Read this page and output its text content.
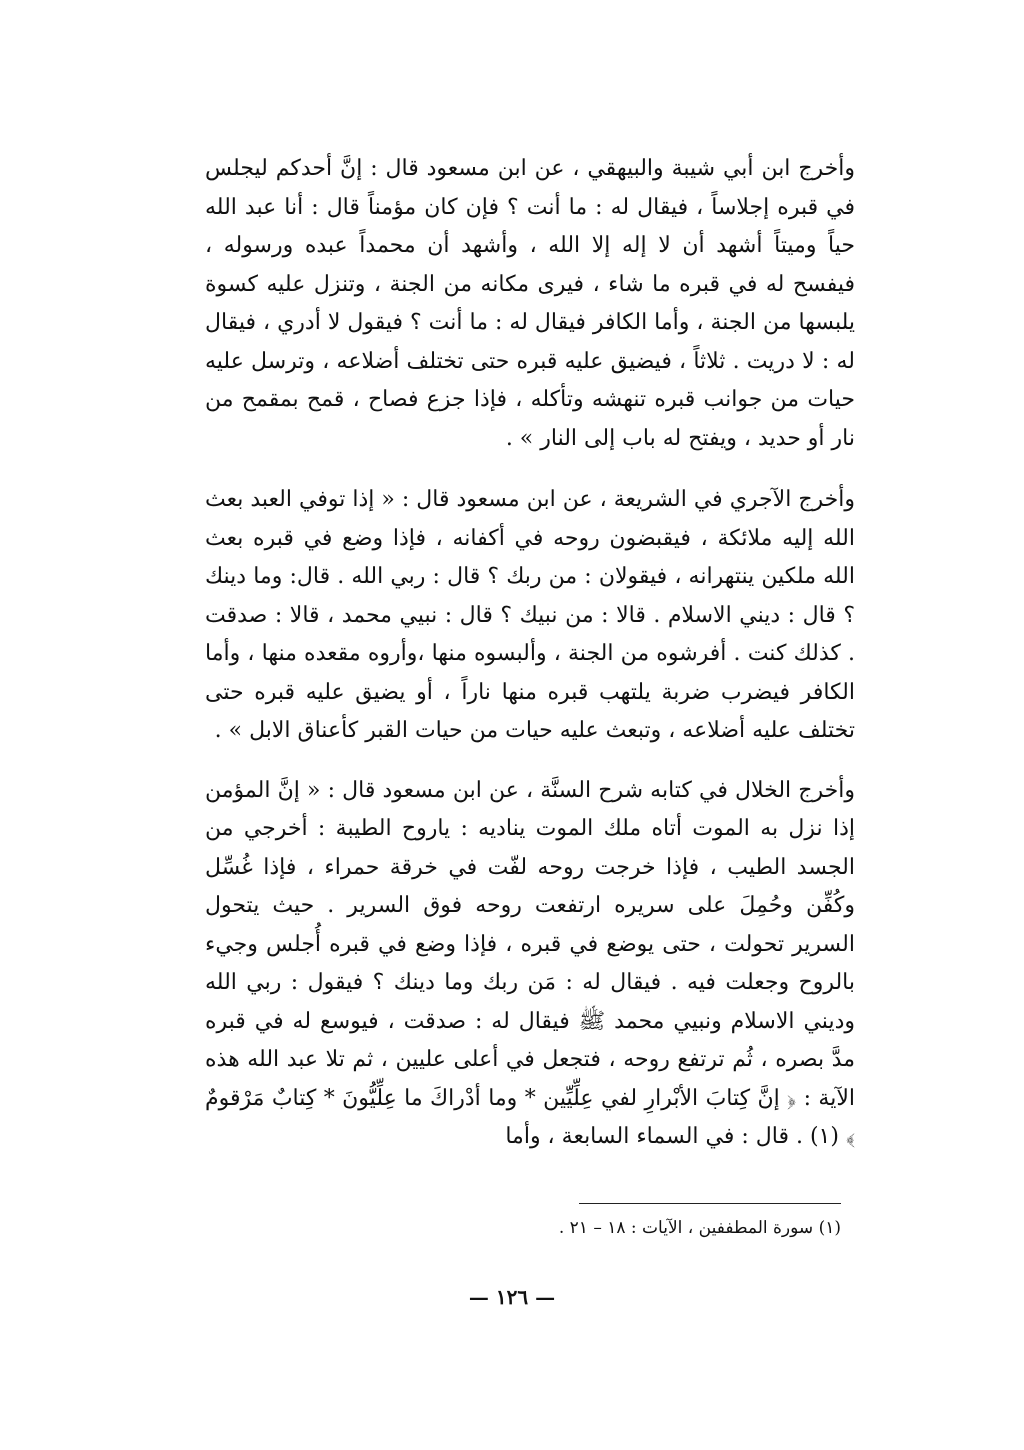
وأخرج ابن أبي شيبة والبيهقي ، عن ابن مسعود قال : إنَّ أحدكم ليجلس في قبره إجلاساً ، فيقال له : ما أنت ؟ فإن كان مؤمناً قال : أنا عبد الله حياً وميتاً أشهد أن لا إله إلا الله ، وأشهد أن محمداً عبده ورسوله ، فيفسح له في قبره ما شاء ، فيرى مكانه من الجنة ، وتنزل عليه كسوة يلبسها من الجنة ، وأما الكافر فيقال له : ما أنت ؟ فيقول لا أدري ، فيقال له : لا دريت . ثلاثاً ، فيضيق عليه قبره حتى تختلف أضلاعه ، وترسل عليه حيات من جوانب قبره تنهشه وتأكله ، فإذا جزع فصاح ، قمح بمقمح من نار أو حديد ، ويفتح له باب إلى النار » .

وأخرج الآجري في الشريعة ، عن ابن مسعود قال : « إذا توفي العبد بعث الله إليه ملائكة ، فيقبضون روحه في أكفانه ، فإذا وضع في قبره بعث الله ملكين ينتهرانه ، فيقولان : من ربك ؟ قال : ربي الله . قال: وما دينك ؟ قال : ديني الاسلام . قالا : من نبيك ؟ قال : نبيي محمد ، قالا : صدقت . كذلك كنت . أفرشوه من الجنة ، وألبسوه منها ،وأروه مقعده منها ، وأما الكافر فيضرب ضربة يلتهب قبره منها ناراً ، أو يضيق عليه قبره حتى تختلف عليه أضلاعه ، وتبعث عليه حيات من حيات القبر كأعناق الابل » .

وأخرج الخلال في كتابه شرح السنَّة ، عن ابن مسعود قال : « إنَّ المؤمن إذا نزل به الموت أتاه ملك الموت يناديه : ياروح الطيبة : أخرجي من الجسد الطيب ، فإذا خرجت روحه لفّت في خرقة حمراء ، فإذا غُسِّل وكُفِّن وحُمِلَ على سريره ارتفعت روحه فوق السرير . حيث يتحول السرير تحولت ، حتى يوضع في قبره ، فإذا وضع في قبره أُجلس وجيء بالروح وجعلت فيه . فيقال له : مَن ربك وما دينك ؟ فيقول : ربي الله وديني الاسلام ونبيي محمد ﷺ فيقال له : صدقت ، فيوسع له في قبره مدَّ بصره ، ثُم ترتفع روحه ، فتجعل في أعلى عليين ، ثم تلا عبد الله هذه الآية : ﴿ إنَّ كِتابَ الأبْرارِ لفي عِلِّيِّين * وما أدْراكَ ما عِلِّيُّونَ * كِتابٌ مَرْقومٌ ﴾ (١) . قال : في السماء السابعة ، وأما

(١) سورة المطففين ، الآيات : ١٨ – ٢١ .
— ١٢٦ —
